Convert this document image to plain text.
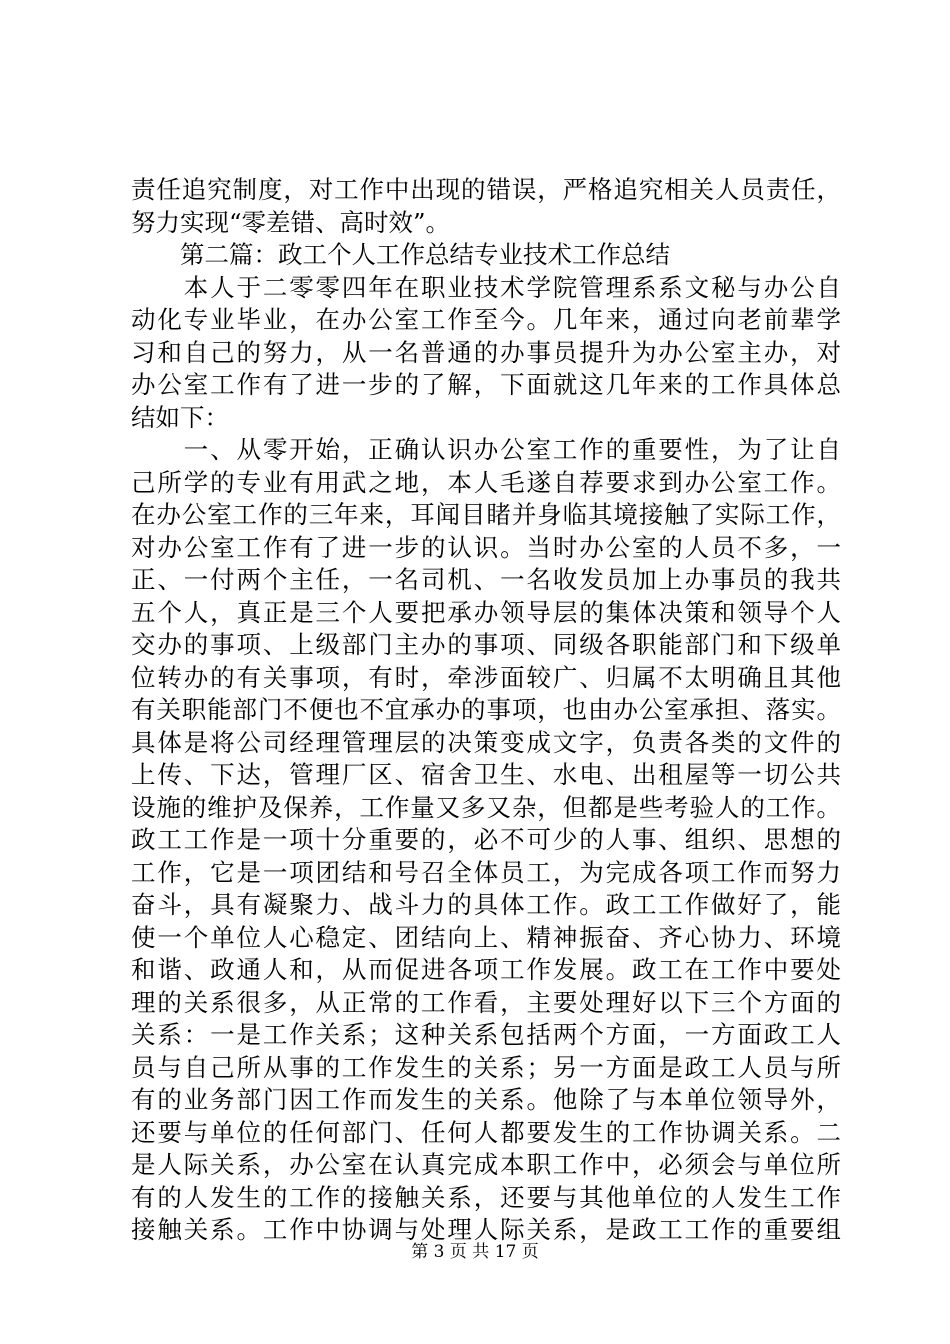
责任追究制度，对工作中出现的错误，严格追究相关人员责任，
努力实现“零差错、高时效”。
　　第二篇：政工个人工作总结专业技术工作总结
　　本人于二零零四年在职业技术学院管理系系文秘与办公自
动化专业毕业，在办公室工作至今。几年来，通过向老前辈学
习和自己的努力，从一名普通的办事员提升为办公室主办，对
办公室工作有了进一步的了解，下面就这几年来的工作具体总
结如下：
　　一、从零开始，正确认识办公室工作的重要性，为了让自
己所学的专业有用武之地，本人毛遂自荐要求到办公室工作。
在办公室工作的三年来，耳闻目睹并身临其境接触了实际工作，
对办公室工作有了进一步的认识。当时办公室的人员不多，一
正、一付两个主任，一名司机、一名收发员加上办事员的我共
五个人，真正是三个人要把承办领导层的集体决策和领导个人
交办的事项、上级部门主办的事项、同级各职能部门和下级单
位转办的有关事项，有时，牵涉面较广、归属不太明确且其他
有关职能部门不便也不宜承办的事项，也由办公室承担、落实。
具体是将公司经理管理层的决策变成文字，负责各类的文件的
上传、下达，管理厂区、宿舍卫生、水电、出租屋等一切公共
设施的维护及保养，工作量又多又杂，但都是些考验人的工作。
政工工作是一项十分重要的，必不可少的人事、组织、思想的
工作，它是一项团结和号召全体员工，为完成各项工作而努力
奋斗，具有凝聚力、战斗力的具体工作。政工工作做好了，能
使一个单位人心稳定、团结向上、精神振奋、齐心协力、环境
和谐、政通人和，从而促进各项工作发展。政工在工作中要处
理的关系很多，从正常的工作看，主要处理好以下三个方面的
关系：一是工作关系；这种关系包括两个方面，一方面政工人
员与自己所从事的工作发生的关系；另一方面是政工人员与所
有的业务部门因工作而发生的关系。他除了与本单位领导外，
还要与单位的任何部门、任何人都要发生的工作协调关系。二
是人际关系，办公室在认真完成本职工作中，必须会与单位所
有的人发生的工作的接触关系，还要与其他单位的人发生工作
接触关系。工作中协调与处理人际关系，是政工工作的重要组
第 3 页 共 17 页
